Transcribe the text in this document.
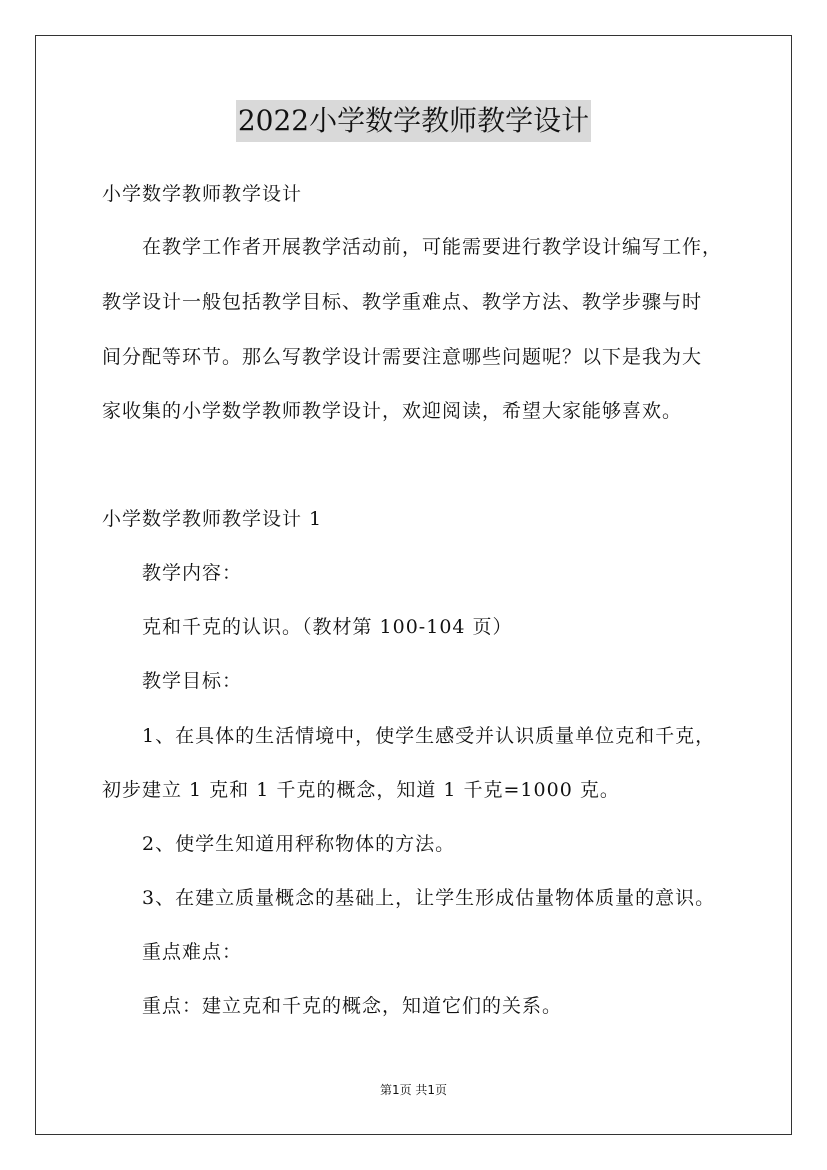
2022小学数学教师教学设计
小学数学教师教学设计
在教学工作者开展教学活动前，可能需要进行教学设计编写工作，
教学设计一般包括教学目标、教学重难点、教学方法、教学步骤与时
间分配等环节。那么写教学设计需要注意哪些问题呢？以下是我为大
家收集的小学数学教师教学设计，欢迎阅读，希望大家能够喜欢。
小学数学教师教学设计 1
教学内容：
克和千克的认识。（教材第 100-104 页）
教学目标：
1、在具体的生活情境中，使学生感受并认识质量单位克和千克，
初步建立 1 克和 1 千克的概念，知道 1 千克=1000 克。
2、使学生知道用秤称物体的方法。
3、在建立质量概念的基础上，让学生形成估量物体质量的意识。
重点难点：
重点：建立克和千克的概念，知道它们的关系。
第1页 共1页
